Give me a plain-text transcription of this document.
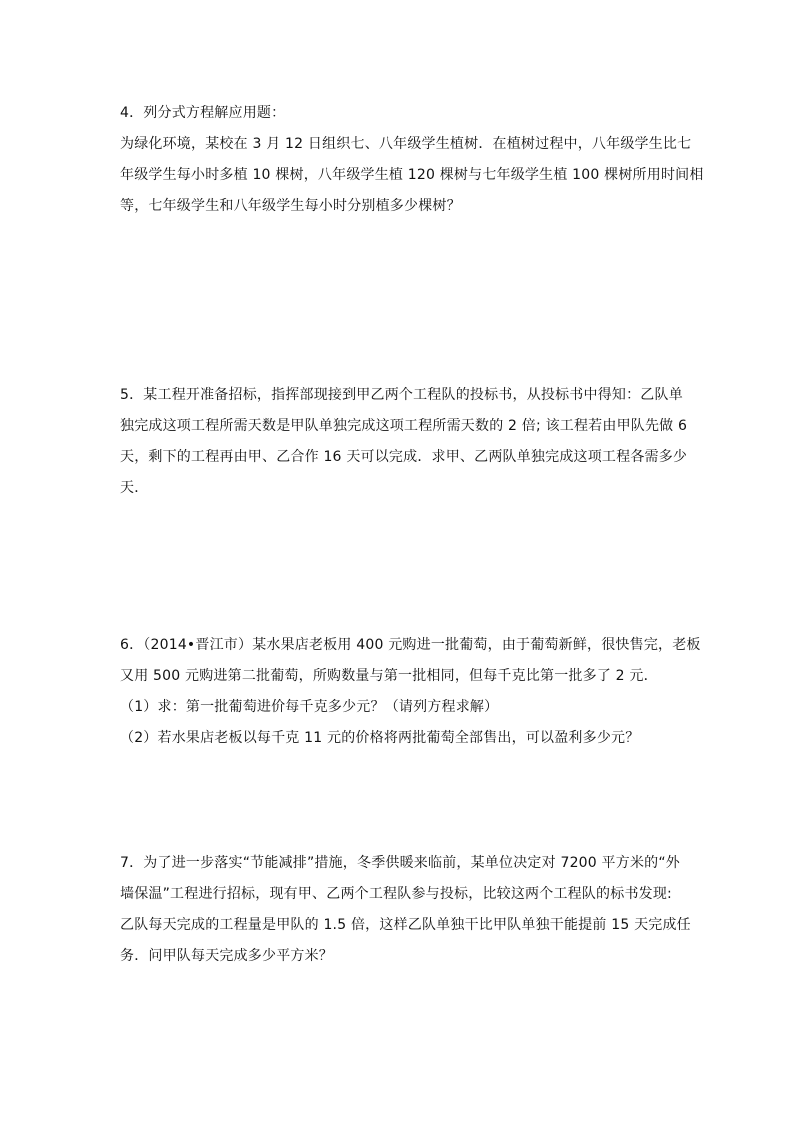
4．列分式方程解应用题：
为绿化环境，某校在 3 月 12 日组织七、八年级学生植树．在植树过程中，八年级学生比七
年级学生每小时多植 10 棵树，八年级学生植 120 棵树与七年级学生植 100 棵树所用时间相
等，七年级学生和八年级学生每小时分别植多少棵树？
5．某工程开准备招标，指挥部现接到甲乙两个工程队的投标书，从投标书中得知：乙队单
独完成这项工程所需天数是甲队单独完成这项工程所需天数的 2 倍; 该工程若由甲队先做 6
天，剩下的工程再由甲、乙合作 16 天可以完成．求甲、乙两队单独完成这项工程各需多少
天．
6．（2014•晋江市）某水果店老板用 400 元购进一批葡萄，由于葡萄新鲜，很快售完，老板
又用 500 元购进第二批葡萄，所购数量与第一批相同，但每千克比第一批多了 2 元．
（1）求：第一批葡萄进价每千克多少元？（请列方程求解）
（2）若水果店老板以每千克 11 元的价格将两批葡萄全部售出，可以盈利多少元？
7．为了进一步落实“节能减排”措施，冬季供暖来临前，某单位决定对 7200 平方米的“外
墙保温”工程进行招标，现有甲、乙两个工程队参与投标，比较这两个工程队的标书发现:
乙队每天完成的工程量是甲队的 1.5 倍，这样乙队单独干比甲队单独干能提前 15 天完成任
务．问甲队每天完成多少平方米？
